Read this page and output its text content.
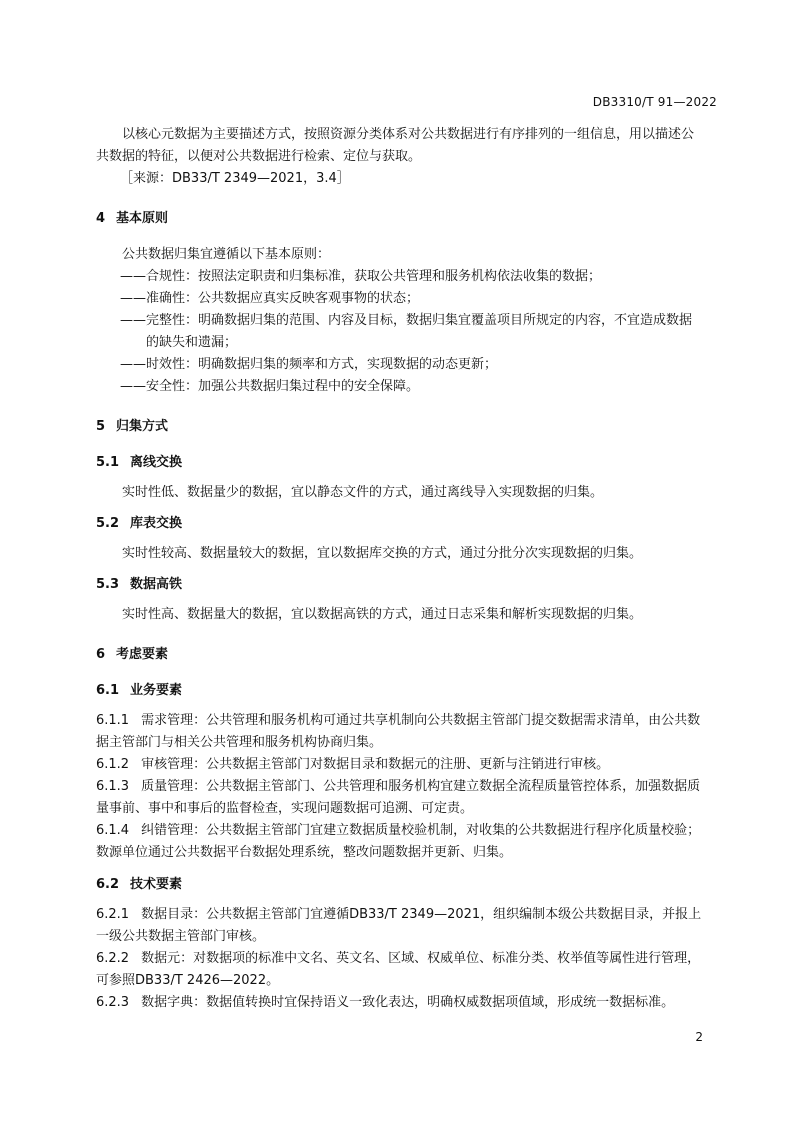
DB3310/T 91—2022

以核心元数据为主要描述方式，按照资源分类体系对公共数据进行有序排列的一组信息，用以描述公共数据的特征，以便对公共数据进行检索、定位与获取。

［来源：DB33/T 2349—2021，3.4］

4 基本原则

公共数据归集宜遵循以下基本原则：

——合规性：按照法定职责和归集标准，获取公共管理和服务机构依法收集的数据；

——准确性：公共数据应真实反映客观事物的状态；

——完整性：明确数据归集的范围、内容及目标，数据归集宜覆盖项目所规定的内容，不宜造成数据的缺失和遗漏；

——时效性：明确数据归集的频率和方式，实现数据的动态更新；

——安全性：加强公共数据归集过程中的安全保障。

5 归集方式

5.1 离线交换

实时性低、数据量少的数据，宜以静态文件的方式，通过离线导入实现数据的归集。

5.2 库表交换

实时性较高、数据量较大的数据，宜以数据库交换的方式，通过分批分次实现数据的归集。

5.3 数据高铁

实时性高、数据量大的数据，宜以数据高铁的方式，通过日志采集和解析实现数据的归集。

6 考虑要素

6.1 业务要素

6.1.1 需求管理：公共管理和服务机构可通过共享机制向公共数据主管部门提交数据需求清单，由公共数据主管部门与相关公共管理和服务机构协商归集。

6.1.2 审核管理：公共数据主管部门对数据目录和数据元的注册、更新与注销进行审核。

6.1.3 质量管理：公共数据主管部门、公共管理和服务机构宜建立数据全流程质量管控体系，加强数据质量事前、事中和事后的监督检查，实现问题数据可追溯、可定责。

6.1.4 纠错管理：公共数据主管部门宜建立数据质量校验机制，对收集的公共数据进行程序化质量校验；数源单位通过公共数据平台数据处理系统，整改问题数据并更新、归集。

6.2 技术要素

6.2.1 数据目录：公共数据主管部门宜遵循DB33/T 2349—2021，组织编制本级公共数据目录，并报上一级公共数据主管部门审核。

6.2.2 数据元：对数据项的标准中文名、英文名、区域、权威单位、标准分类、枚举值等属性进行管理，可参照DB33/T 2426—2022。

6.2.3 数据字典：数据值转换时宜保持语义一致化表达，明确权威数据项值域，形成统一数据标准。

2
